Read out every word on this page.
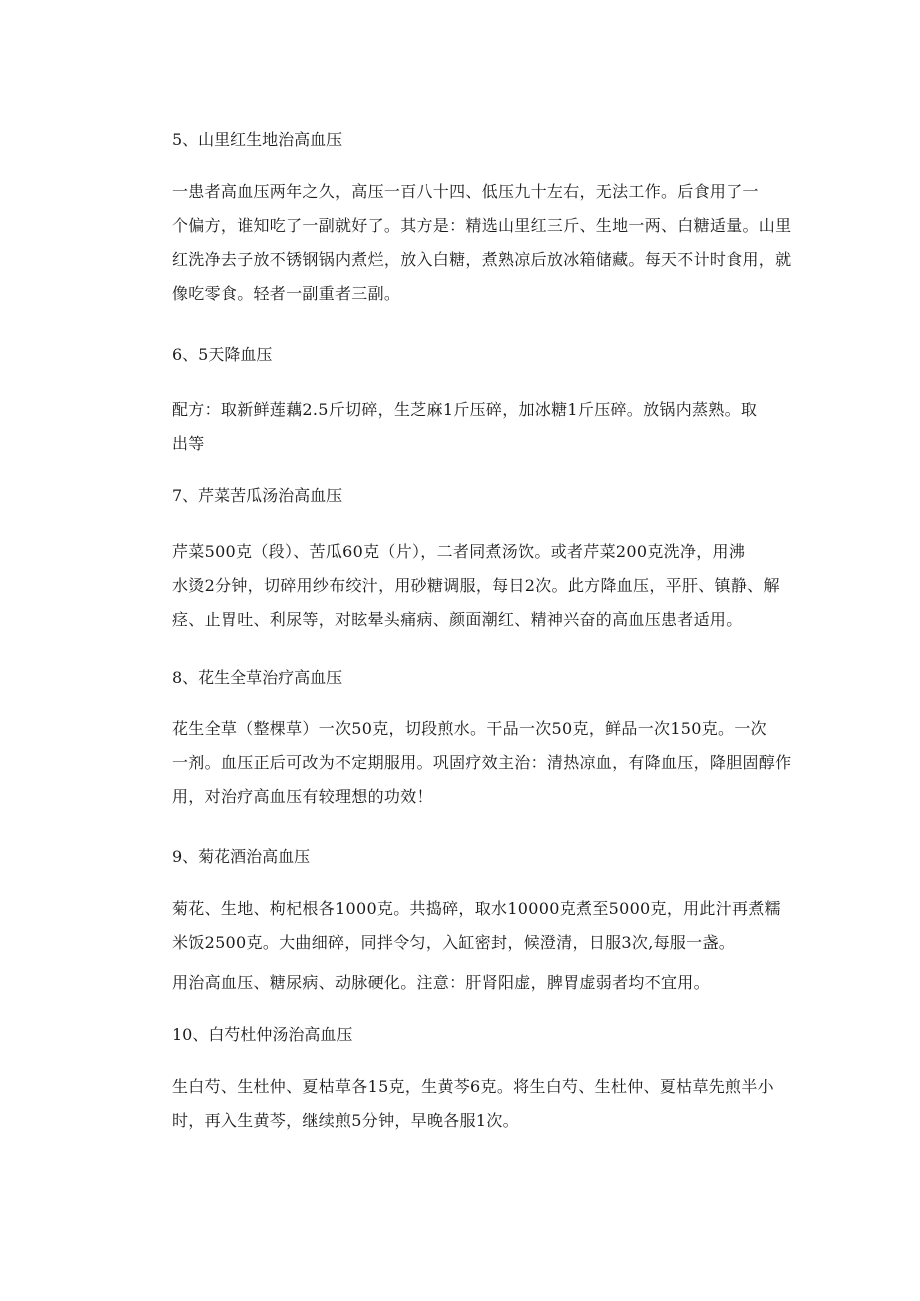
5、山里红生地治高血压
一患者高血压两年之久，高压一百八十四、低压九十左右，无法工作。后食用了一
个偏方，谁知吃了一副就好了。其方是：精选山里红三斤、生地一两、白糖适量。山里
红洗净去子放不锈钢锅内煮烂，放入白糖，煮熟凉后放冰箱储藏。每天不计时食用，就
像吃零食。轻者一副重者三副。
6、5天降血压
配方：取新鲜莲藕2.5斤切碎，生芝麻1斤压碎，加冰糖1斤压碎。放锅内蒸熟。取
出等
7、芹菜苦瓜汤治高血压
芹菜500克（段）、苦瓜60克（片），二者同煮汤饮。或者芹菜200克洗净，用沸
水烫2分钟，切碎用纱布绞汁，用砂糖调服，每日2次。此方降血压，平肝、镇静、解
痉、止胃吐、利尿等，对眩晕头痛病、颜面潮红、精神兴奋的高血压患者适用。
8、花生全草治疗高血压
花生全草（整棵草）一次50克，切段煎水。干品一次50克，鲜品一次150克。一次
一剂。血压正后可改为不定期服用。巩固疗效主治：清热凉血，有降血压，降胆固醇作
用，对治疗高血压有较理想的功效！
9、菊花酒治高血压
菊花、生地、枸杞根各1000克。共捣碎，取水10000克煮至5000克，用此汁再煮糯
米饭2500克。大曲细碎，同拌令匀，入缸密封，候澄清，日服3次,每服一盏。
用治高血压、糖尿病、动脉硬化。注意：肝肾阳虚，脾胃虚弱者均不宜用。
10、白芍杜仲汤治高血压
生白芍、生杜仲、夏枯草各15克，生黄芩6克。将生白芍、生杜仲、夏枯草先煎半小
时，再入生黄芩，继续煎5分钟，早晚各服1次。
